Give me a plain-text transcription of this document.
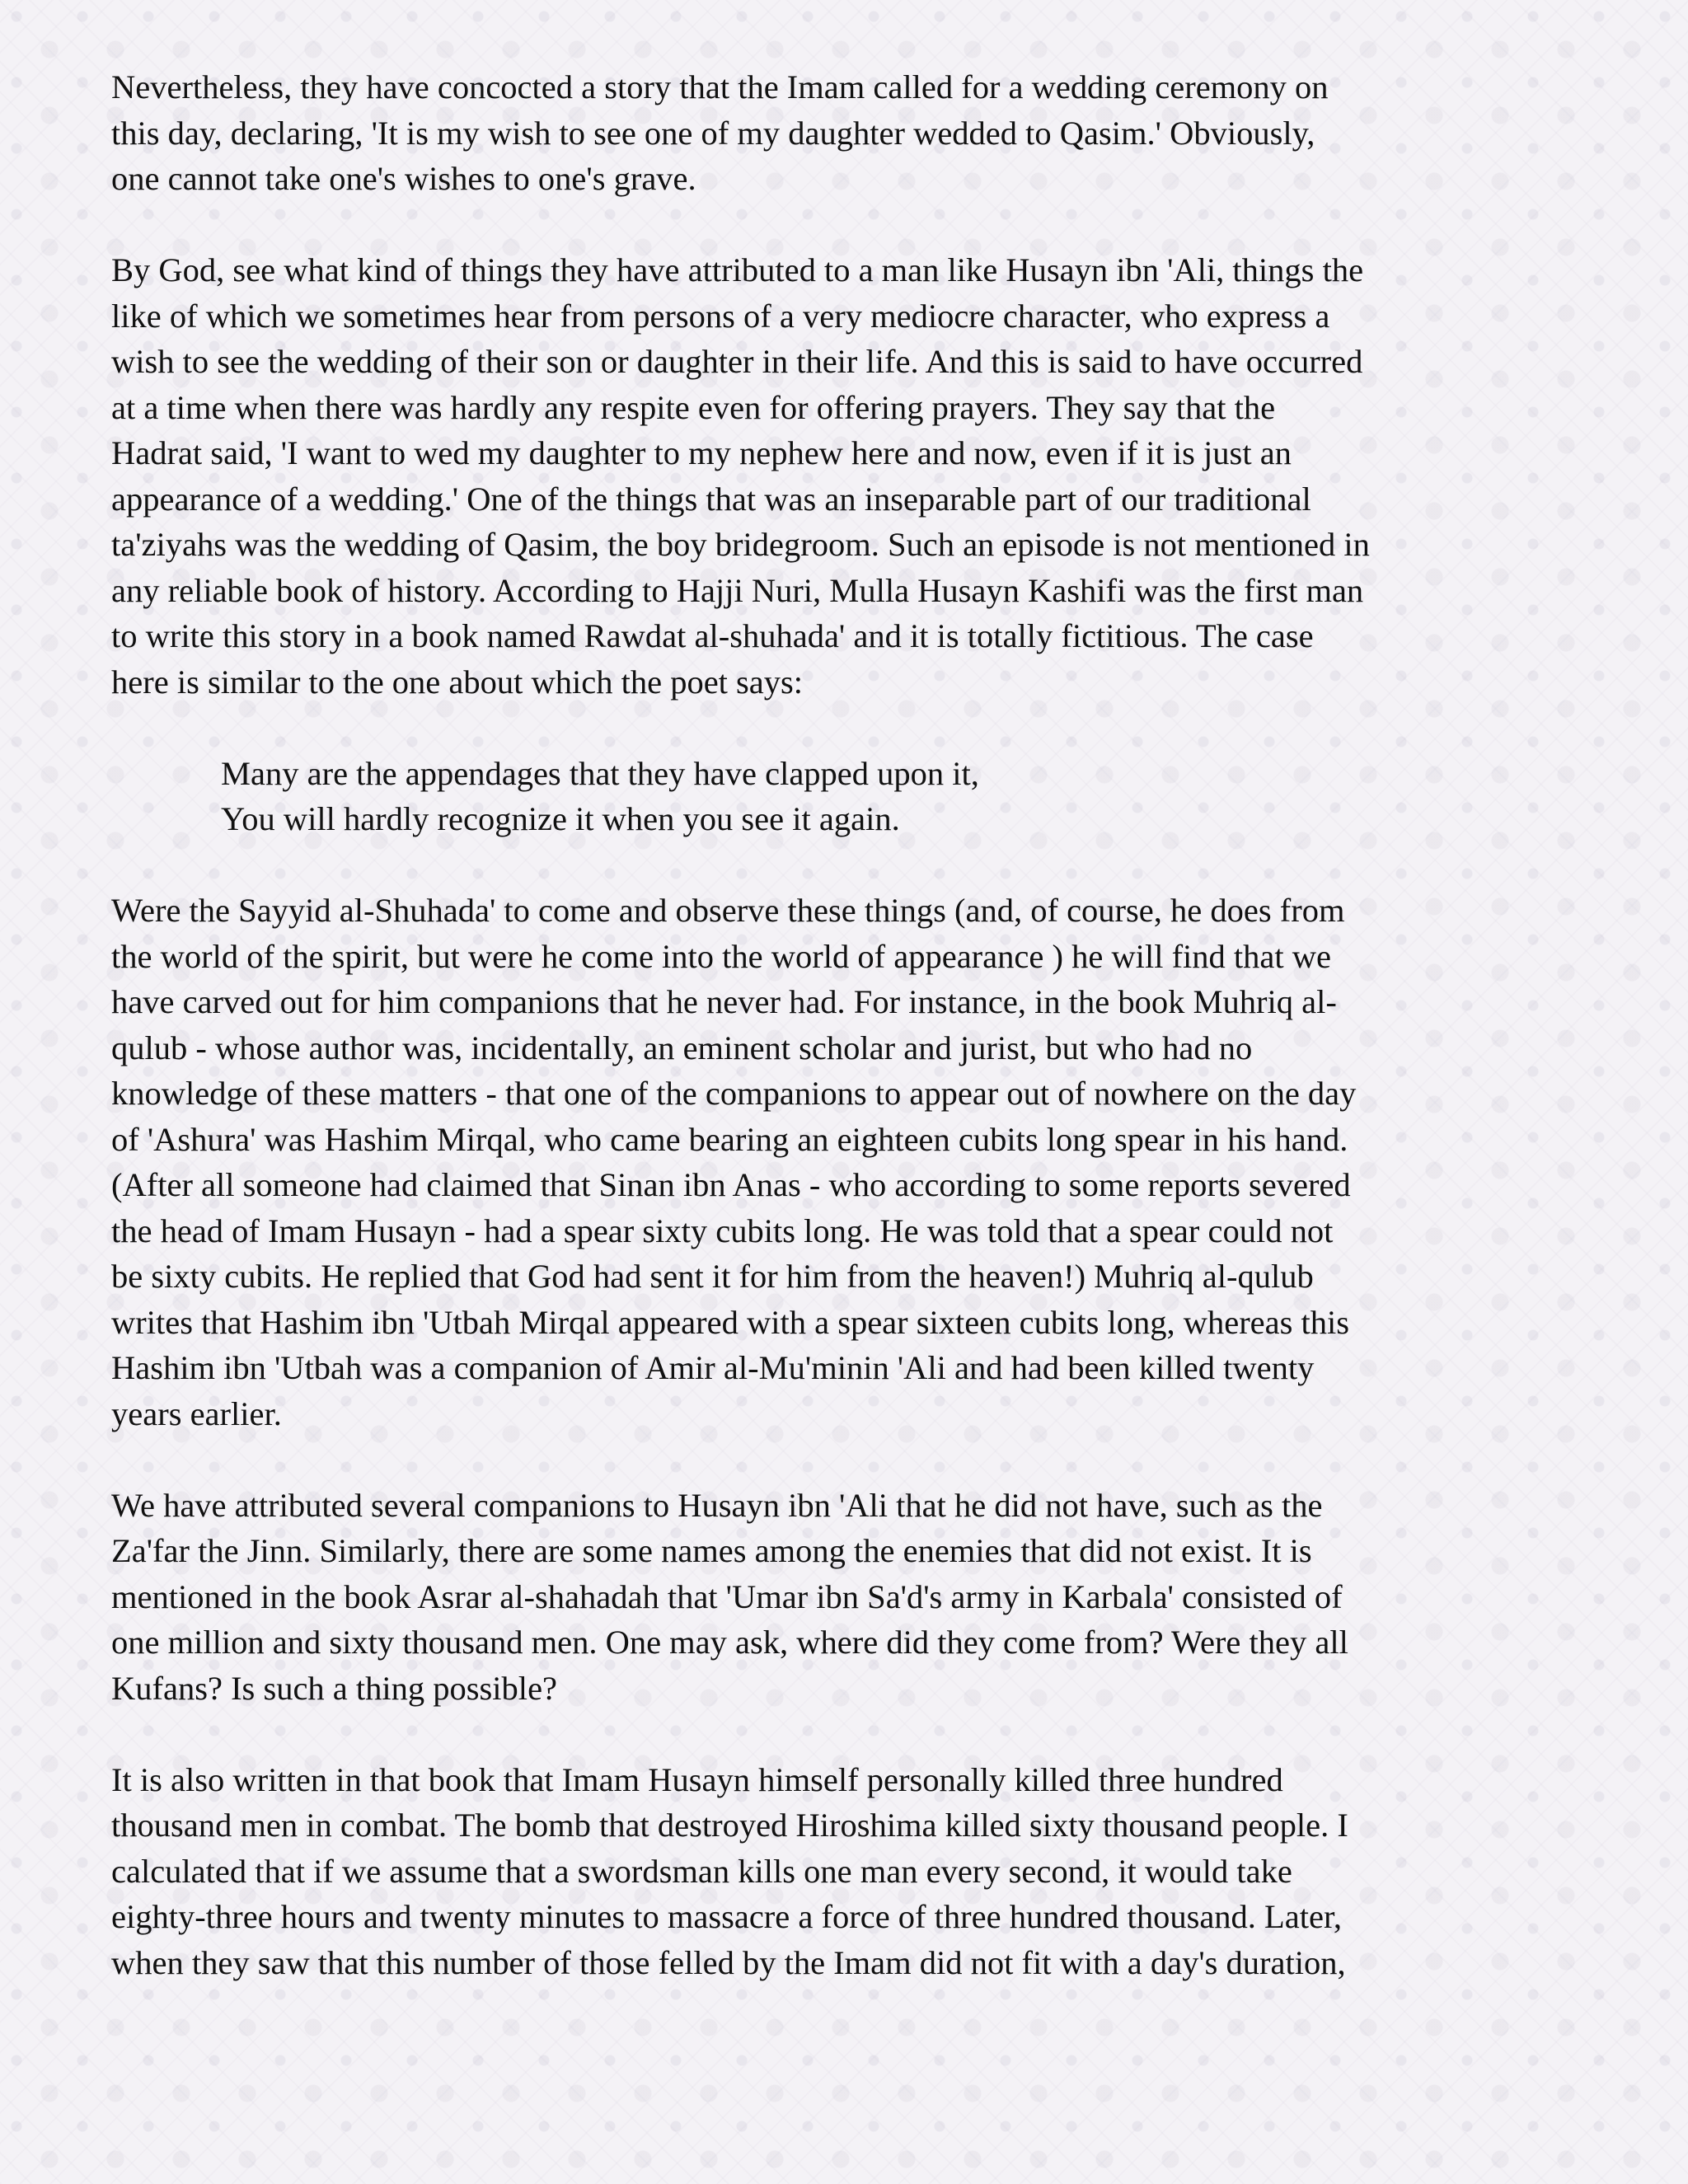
Nevertheless, they have concocted a story that the Imam called for a wedding ceremony on
this day, declaring, 'It is my wish to see one of my daughter wedded to Qasim.' Obviously,
one cannot take one's wishes to one's grave.

By God, see what kind of things they have attributed to a man like Husayn ibn 'Ali, things the
like of which we sometimes hear from persons of a very mediocre character, who express a
wish to see the wedding of their son or daughter in their life. And this is said to have occurred
at a time when there was hardly any respite even for offering prayers. They say that the
Hadrat said, 'I want to wed my daughter to my nephew here and now, even if it is just an
appearance of a wedding.' One of the things that was an inseparable part of our traditional
ta'ziyahs was the wedding of Qasim, the boy bridegroom. Such an episode is not mentioned in
any reliable book of history. According to Hajji Nuri, Mulla Husayn Kashifi was the first man
to write this story in a book named Rawdat al-shuhada' and it is totally fictitious. The case
here is similar to the one about which the poet says:

Many are the appendages that they have clapped upon it,
You will hardly recognize it when you see it again.

Were the Sayyid al-Shuhada' to come and observe these things (and, of course, he does from
the world of the spirit, but were he come into the world of appearance ) he will find that we
have carved out for him companions that he never had. For instance, in the book Muhriq al-
qulub - whose author was, incidentally, an eminent scholar and jurist, but who had no
knowledge of these matters - that one of the companions to appear out of nowhere on the day
of 'Ashura' was Hashim Mirqal, who came bearing an eighteen cubits long spear in his hand.
(After all someone had claimed that Sinan ibn Anas - who according to some reports severed
the head of Imam Husayn - had a spear sixty cubits long. He was told that a spear could not
be sixty cubits. He replied that God had sent it for him from the heaven!) Muhriq al-qulub
writes that Hashim ibn 'Utbah Mirqal appeared with a spear sixteen cubits long, whereas this
Hashim ibn 'Utbah was a companion of Amir al-Mu'minin 'Ali and had been killed twenty
years earlier.

We have attributed several companions to Husayn ibn 'Ali that he did not have, such as the
Za'far the Jinn. Similarly, there are some names among the enemies that did not exist. It is
mentioned in the book Asrar al-shahadah that 'Umar ibn Sa'd's army in Karbala' consisted of
one million and sixty thousand men. One may ask, where did they come from? Were they all
Kufans? Is such a thing possible?

It is also written in that book that Imam Husayn himself personally killed three hundred
thousand men in combat. The bomb that destroyed Hiroshima killed sixty thousand people. I
calculated that if we assume that a swordsman kills one man every second, it would take
eighty-three hours and twenty minutes to massacre a force of three hundred thousand. Later,
when they saw that this number of those felled by the Imam did not fit with a day's duration,
